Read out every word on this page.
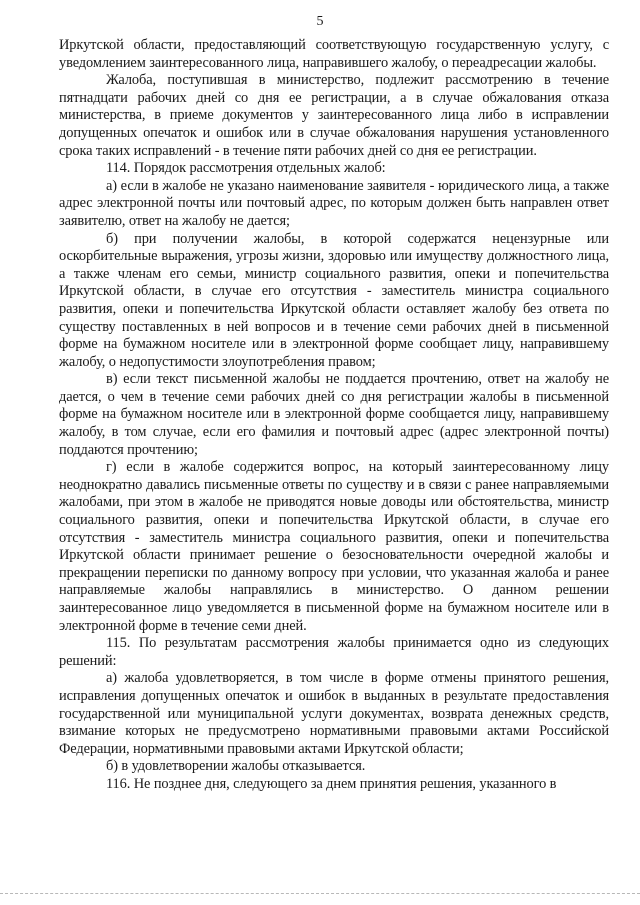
5

Иркутской области, предоставляющий соответствующую государственную услугу, с уведомлением заинтересованного лица, направившего жалобу, о переадресации жалобы.

Жалоба, поступившая в министерство, подлежит рассмотрению в течение пятнадцати рабочих дней со дня ее регистрации, а в случае обжалования отказа министерства, в приеме документов у заинтересованного лица либо в исправлении допущенных опечаток и ошибок или в случае обжалования нарушения установленного срока таких исправлений - в течение пяти рабочих дней со дня ее регистрации.

114. Порядок рассмотрения отдельных жалоб:

а) если в жалобе не указано наименование заявителя - юридического лица, а также адрес электронной почты или почтовый адрес, по которым должен быть направлен ответ заявителю, ответ на жалобу не дается;

б) при получении жалобы, в которой содержатся нецензурные или оскорбительные выражения, угрозы жизни, здоровью или имуществу должностного лица, а также членам его семьи, министр социального развития, опеки и попечительства Иркутской области, в случае его отсутствия - заместитель министра социального развития, опеки и попечительства Иркутской области оставляет жалобу без ответа по существу поставленных в ней вопросов и в течение семи рабочих дней в письменной форме на бумажном носителе или в электронной форме сообщает лицу, направившему жалобу, о недопустимости злоупотребления правом;

в) если текст письменной жалобы не поддается прочтению, ответ на жалобу не дается, о чем в течение семи рабочих дней со дня регистрации жалобы в письменной форме на бумажном носителе или в электронной форме сообщается лицу, направившему жалобу, в том случае, если его фамилия и почтовый адрес (адрес электронной почты) поддаются прочтению;

г) если в жалобе содержится вопрос, на который заинтересованному лицу неоднократно давались письменные ответы по существу и в связи с ранее направляемыми жалобами, при этом в жалобе не приводятся новые доводы или обстоятельства, министр социального развития, опеки и попечительства Иркутской области, в случае его отсутствия - заместитель министра социального развития, опеки и попечительства Иркутской области принимает решение о безосновательности очередной жалобы и прекращении переписки по данному вопросу при условии, что указанная жалоба и ранее направляемые жалобы направлялись в министерство. О данном решении заинтересованное лицо уведомляется в письменной форме на бумажном носителе или в электронной форме в течение семи дней.

115. По результатам рассмотрения жалобы принимается одно из следующих решений:

а) жалоба удовлетворяется, в том числе в форме отмены принятого решения, исправления допущенных опечаток и ошибок в выданных в результате предоставления государственной или муниципальной услуги документах, возврата денежных средств, взимание которых не предусмотрено нормативными правовыми актами Российской Федерации, нормативными правовыми актами Иркутской области;

б) в удовлетворении жалобы отказывается.

116. Не позднее дня, следующего за днем принятия решения, указанного в
